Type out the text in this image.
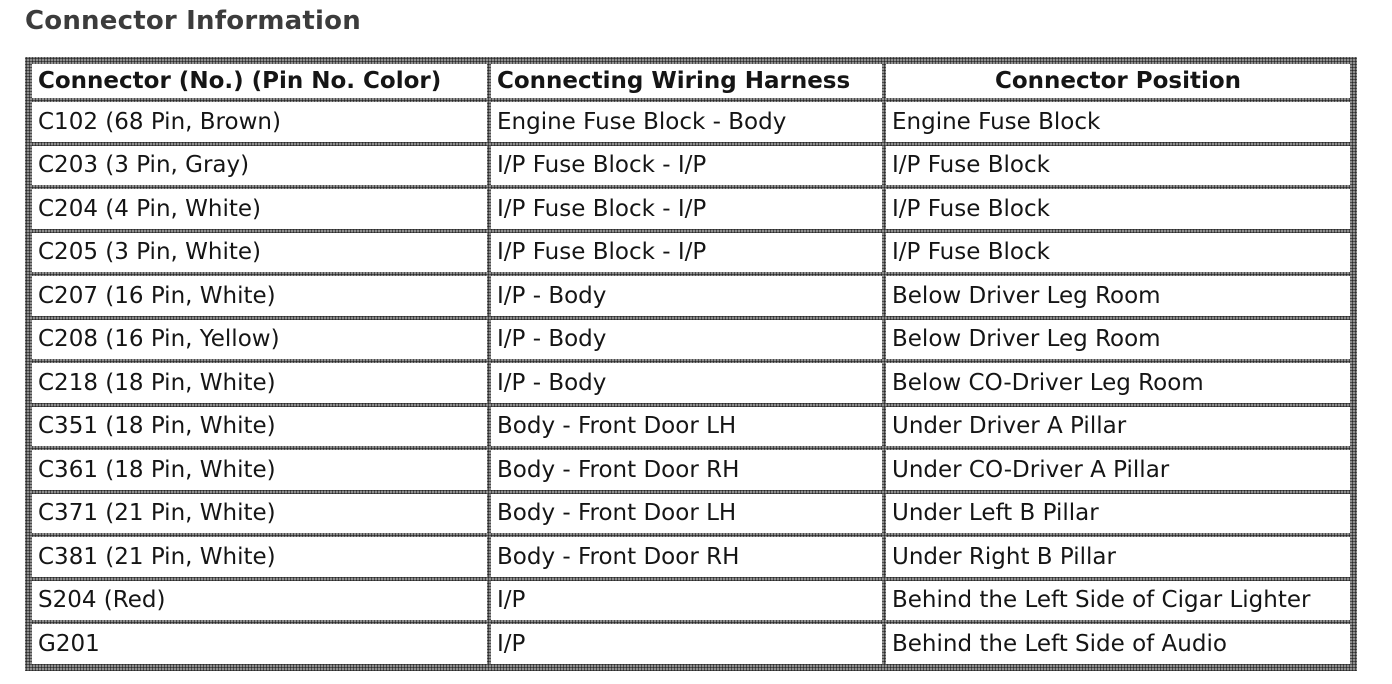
Connector Information
Connector (No.) (Pin No. Color)	Connecting Wiring Harness	Connector Position
C102 (68 Pin, Brown)	Engine Fuse Block - Body	Engine Fuse Block
C203 (3 Pin, Gray)	I/P Fuse Block - I/P	I/P Fuse Block
C204 (4 Pin, White)	I/P Fuse Block - I/P	I/P Fuse Block
C205 (3 Pin, White)	I/P Fuse Block - I/P	I/P Fuse Block
C207 (16 Pin, White)	I/P - Body	Below Driver Leg Room
C208 (16 Pin, Yellow)	I/P - Body	Below Driver Leg Room
C218 (18 Pin, White)	I/P - Body	Below CO-Driver Leg Room
C351 (18 Pin, White)	Body - Front Door LH	Under Driver A Pillar
C361 (18 Pin, White)	Body - Front Door RH	Under CO-Driver A Pillar
C371 (21 Pin, White)	Body - Front Door LH	Under Left B Pillar
C381 (21 Pin, White)	Body - Front Door RH	Under Right B Pillar
S204 (Red)	I/P	Behind the Left Side of Cigar Lighter
G201	I/P	Behind the Left Side of Audio
